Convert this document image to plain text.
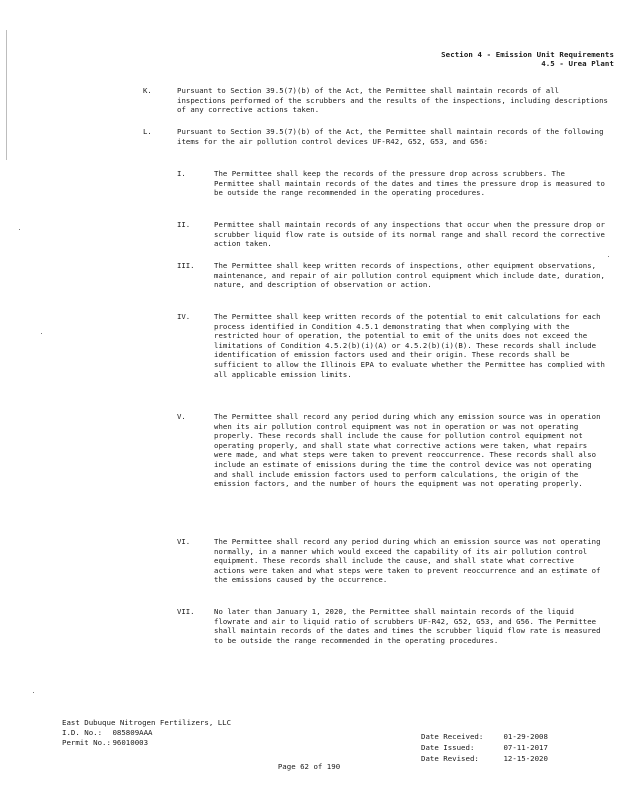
Section 4 - Emission Unit Requirements
4.5 - Urea Plant
K.	Pursuant to Section 39.5(7)(b) of the Act, the Permittee shall maintain records of all inspections performed of the scrubbers and the results of the inspections, including descriptions of any corrective actions taken.
L.	Pursuant to Section 39.5(7)(b) of the Act, the Permittee shall maintain records of the following items for the air pollution control devices UF-R42, G52, G53, and G56:
I.	The Permittee shall keep the records of the pressure drop across scrubbers. The Permittee shall maintain records of the dates and times the pressure drop is measured to be outside the range recommended in the operating procedures.
II.	Permittee shall maintain records of any inspections that occur when the pressure drop or scrubber liquid flow rate is outside of its normal range and shall record the corrective action taken.
III.	The Permittee shall keep written records of inspections, other equipment observations, maintenance, and repair of air pollution control equipment which include date, duration, nature, and description of observation or action.
IV.	The Permittee shall keep written records of the potential to emit calculations for each process identified in Condition 4.5.1 demonstrating that when complying with the restricted hour of operation, the potential to emit of the units does not exceed the limitations of Condition 4.5.2(b)(i)(A) or 4.5.2(b)(i)(B). These records shall include identification of emission factors used and their origin. These records shall be sufficient to allow the Illinois EPA to evaluate whether the Permittee has complied with all applicable emission limits.
V.	The Permittee shall record any period during which any emission source was in operation when its air pollution control equipment was not in operation or was not operating properly. These records shall include the cause for pollution control equipment not operating properly, and shall state what corrective actions were taken, what repairs were made, and what steps were taken to prevent reoccurrence. These records shall also include an estimate of emissions during the time the control device was not operating and shall include emission factors used to perform calculations, the origin of the emission factors, and the number of hours the equipment was not operating properly.
VI.	The Permittee shall record any period during which an emission source was not operating normally, in a manner which would exceed the capability of its air pollution control equipment. These records shall include the cause, and shall state what corrective actions were taken and what steps were taken to prevent reoccurrence and an estimate of the emissions caused by the occurrence.
VII.	No later than January 1, 2020, the Permittee shall maintain records of the liquid flowrate and air to liquid ratio of scrubbers UF-R42, G52, G53, and G56. The Permittee shall maintain records of the dates and times the scrubber liquid flow rate is measured to be outside the range recommended in the operating procedures.
East Dubuque Nitrogen Fertilizers, LLC
I.D. No.: 085809AAA
Permit No.: 96010003
Date Received:	01-29-2008
Date Issued:	07-11-2017
Date Revised:	12-15-2020
Page 62 of 190
